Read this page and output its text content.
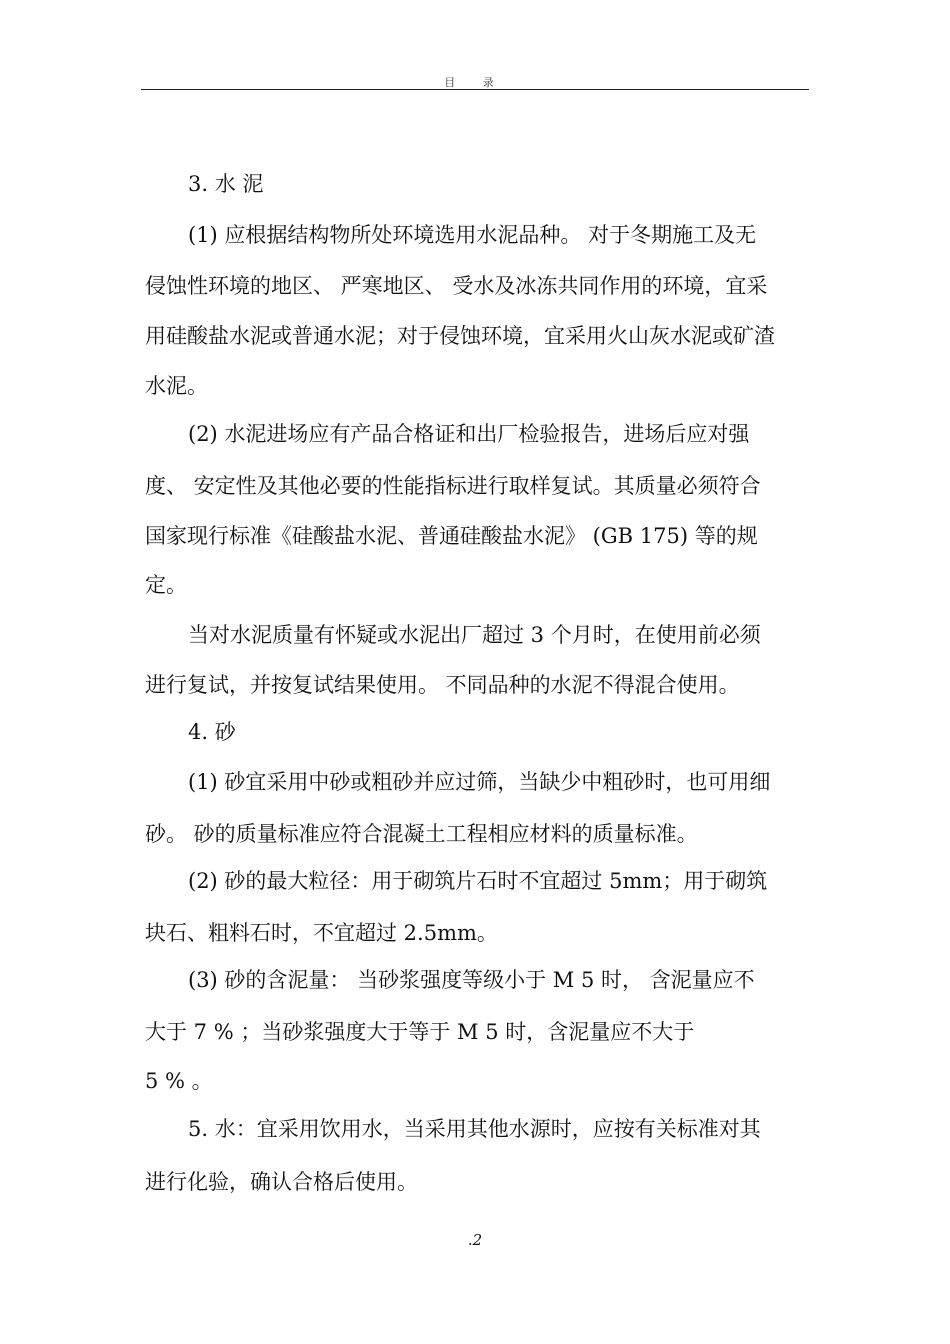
目 录
3. 水 泥
(1) 应根据结构物所处环境选用水泥品种。 对于冬期施工及无
侵蚀性环境的地区、 严寒地区、 受水及冰冻共同作用的环境，宜采
用硅酸盐水泥或普通水泥；对于侵蚀环境，宜采用火山灰水泥或矿渣
水泥。
(2) 水泥进场应有产品合格证和出厂检验报告，进场后应对强
度、 安定性及其他必要的性能指标进行取样复试。其质量必须符合
国家现行标准《硅酸盐水泥、普通硅酸盐水泥》 (GB 175) 等的规
定。
当对水泥质量有怀疑或水泥出厂超过 3 个月时，在使用前必须
进行复试，并按复试结果使用。 不同品种的水泥不得混合使用。
4. 砂
(1) 砂宜采用中砂或粗砂并应过筛，当缺少中粗砂时，也可用细
砂。 砂的质量标准应符合混凝土工程相应材料的质量标准。
(2) 砂的最大粒径：用于砌筑片石时不宜超过 5mm；用于砌筑
块石、粗料石时，不宜超过 2.5mm。
(3) 砂的含泥量： 当砂浆强度等级小于 M 5 时， 含泥量应不
大于 7 % ；当砂浆强度大于等于 M 5 时，含泥量应不大于
5 % 。
5. 水：宜采用饮用水，当采用其他水源时，应按有关标准对其
进行化验，确认合格后使用。
.2
